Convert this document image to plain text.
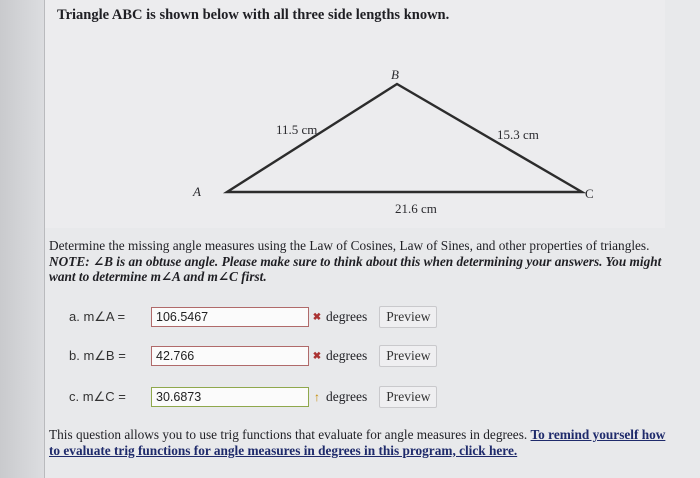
Triangle ABC is shown below with all three side lengths known.
A
B
C
11.5 cm	15.3 cm
21.6 cm
Determine the missing angle measures using the Law of Cosines, Law of Sines, and other properties of triangles. NOTE: ∠B is an obtuse angle. Please make sure to think about this when determining your answers. You might want to determine m∠A and m∠C first.
a. m∠A =
106.5467	✖ degrees	Preview
b. m∠B =
42.766	✖ degrees	Preview
c. m∠C =
30.6873	↑ degrees	Preview
This question allows you to use trig functions that evaluate for angle measures in degrees. To remind yourself how to evaluate trig functions for angle measures in degrees in this program, click here.
